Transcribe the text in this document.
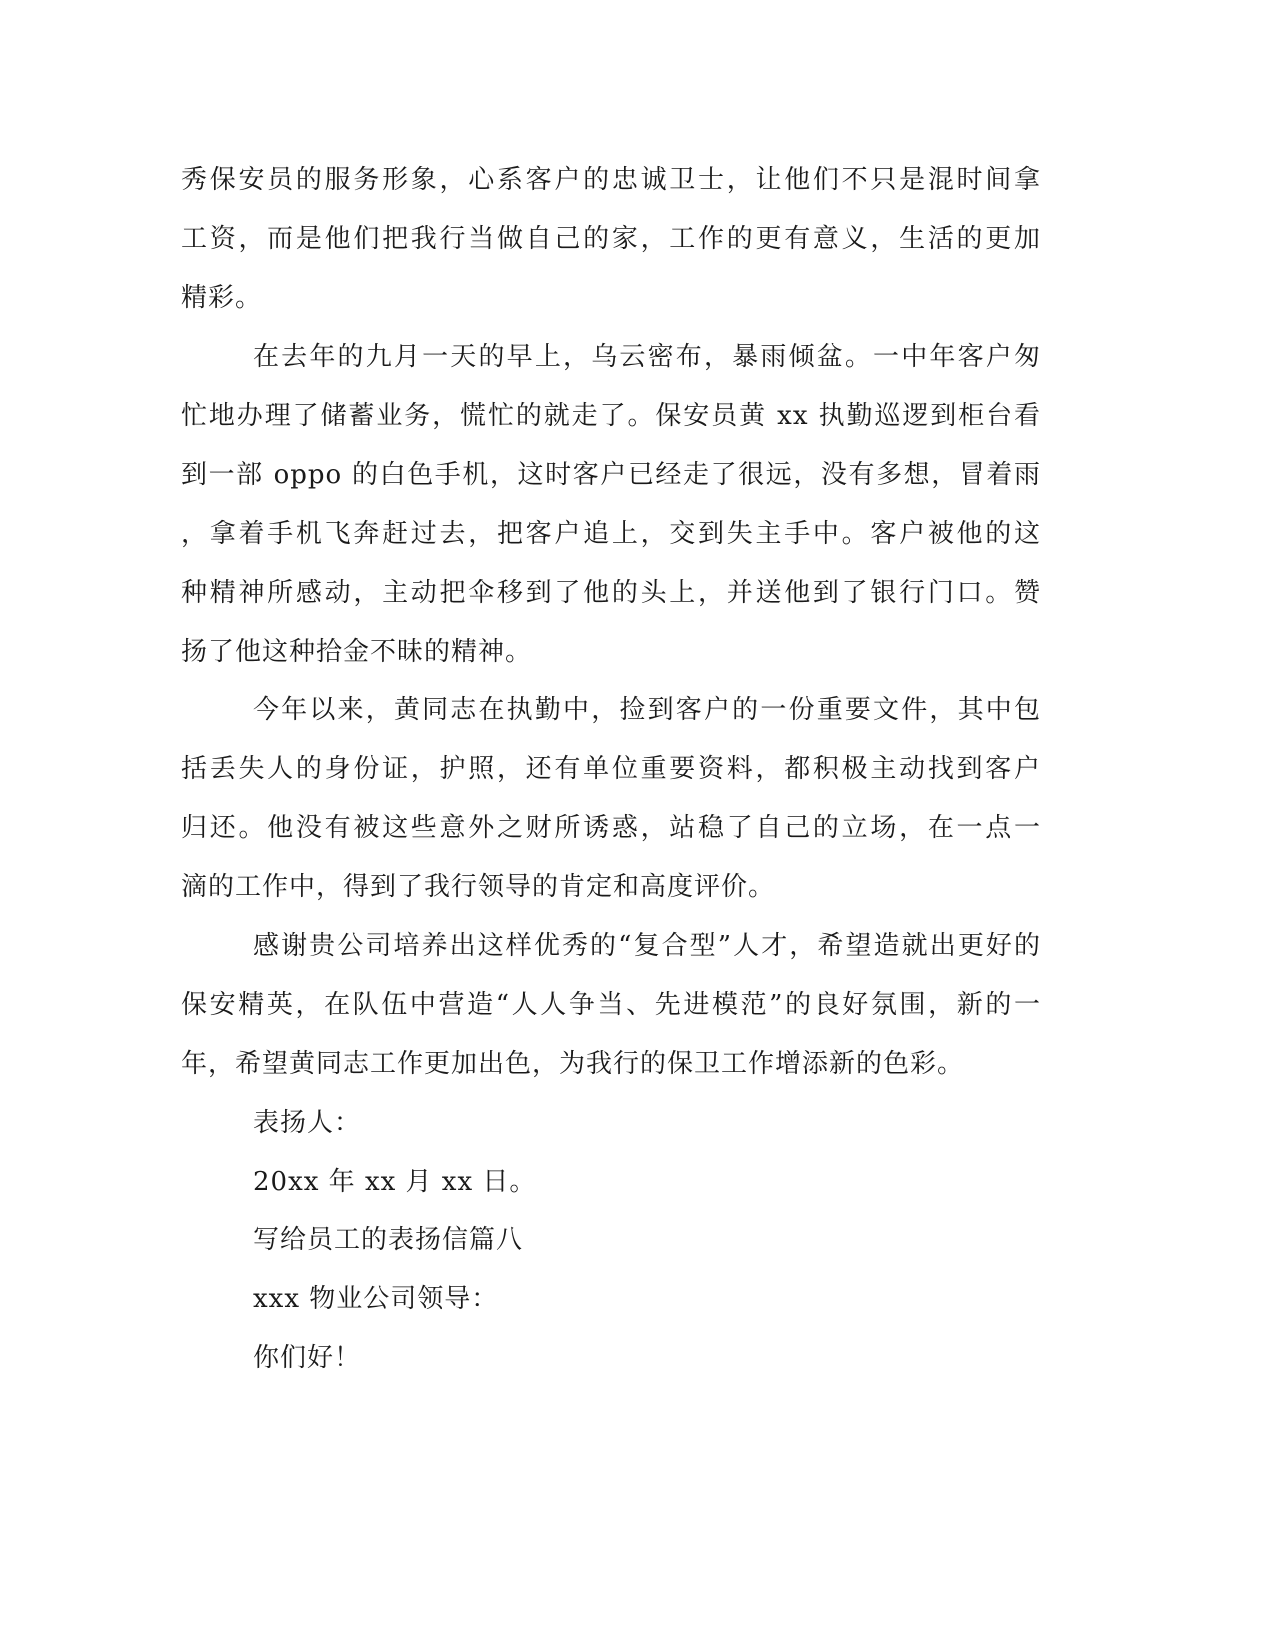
秀保安员的服务形象，心系客户的忠诚卫士，让他们不只是混时间拿
工资，而是他们把我行当做自己的家，工作的更有意义，生活的更加
精彩。
在去年的九月一天的早上，乌云密布，暴雨倾盆。一中年客户匆
忙地办理了储蓄业务，慌忙的就走了。保安员黄 xx 执勤巡逻到柜台看
到一部 oppo 的白色手机，这时客户已经走了很远，没有多想，冒着雨
，拿着手机飞奔赶过去，把客户追上，交到失主手中。客户被他的这
种精神所感动，主动把伞移到了他的头上，并送他到了银行门口。赞
扬了他这种拾金不昧的精神。
今年以来，黄同志在执勤中，捡到客户的一份重要文件，其中包
括丢失人的身份证，护照，还有单位重要资料，都积极主动找到客户
归还。他没有被这些意外之财所诱惑，站稳了自己的立场，在一点一
滴的工作中，得到了我行领导的肯定和高度评价。
感谢贵公司培养出这样优秀的“复合型”人才，希望造就出更好的
保安精英，在队伍中营造“人人争当、先进模范”的良好氛围，新的一
年，希望黄同志工作更加出色，为我行的保卫工作增添新的色彩。
表扬人：
20xx 年 xx 月 xx 日。
写给员工的表扬信篇八
xxx 物业公司领导：
你们好！
